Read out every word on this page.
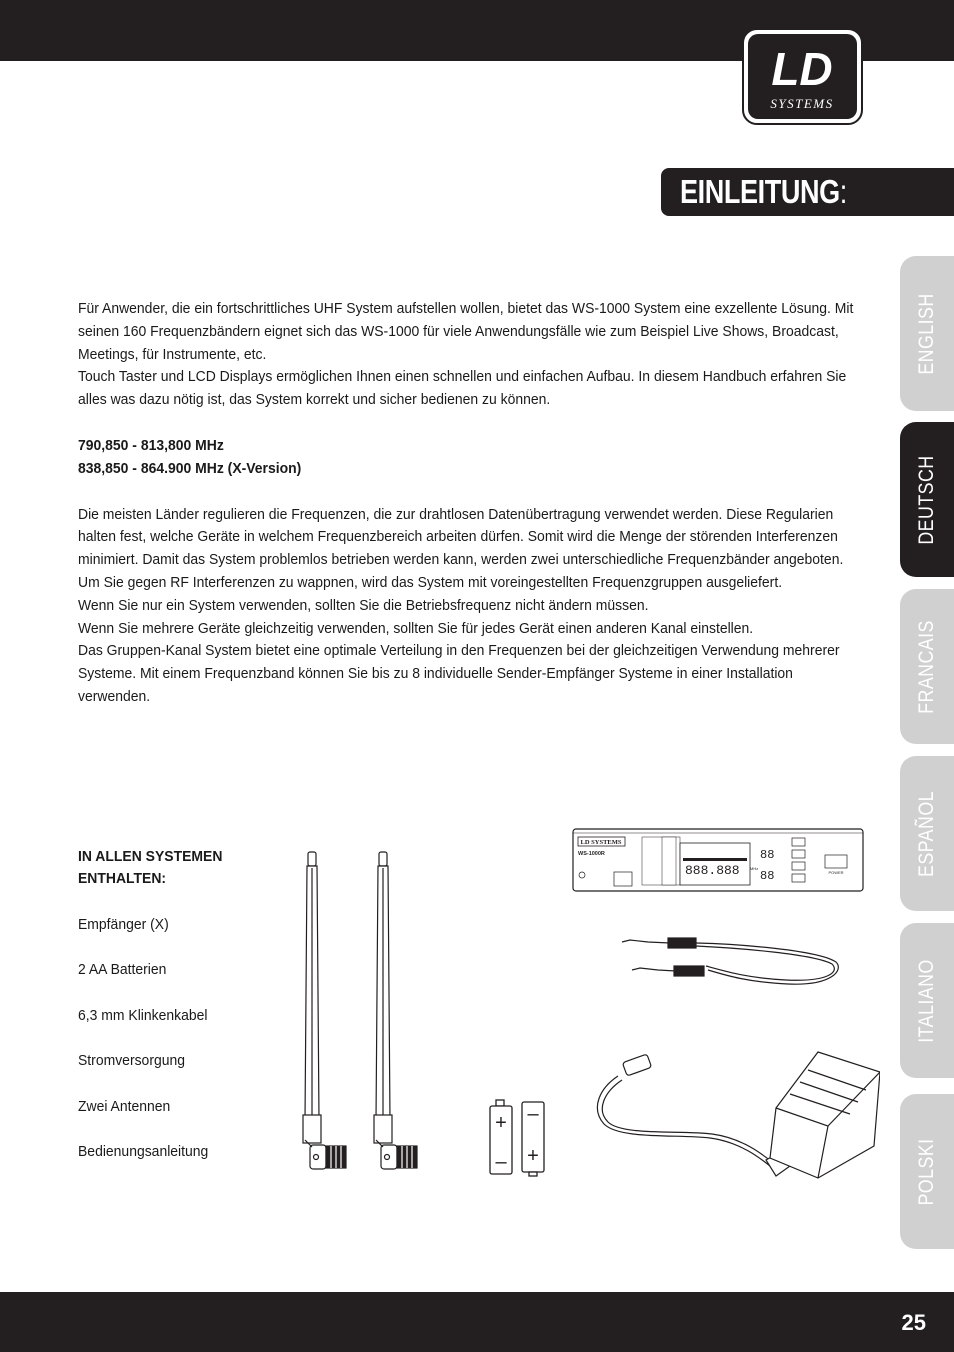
LD
SYSTEMS
EINLEITUNG:
ENGLISH
DEUTSCH
FRANCAIS
ESPAÑOL
ITALIANO
POLSKI

Für Anwender, die ein fortschrittliches UHF System aufstellen wollen, bietet das WS-1000 System eine exzellente Lösung. Mit seinen 160 Frequenzbändern eignet sich das WS-1000 für viele Anwendungsfälle wie zum Beispiel Live Shows, Broadcast, Meetings, für Instrumente, etc.

Touch Taster und LCD Displays ermöglichen Ihnen einen schnellen und einfachen Aufbau. In diesem Handbuch erfahren Sie alles was dazu nötig ist, das System korrekt und sicher bedienen zu können.

790,850 - 813,800 MHz

838,850 - 864.900 MHz (X-Version)

Die meisten Länder regulieren die Frequenzen, die zur drahtlosen Datenübertragung verwendet werden. Diese Regularien halten fest, welche Geräte in welchem Frequenzbereich arbeiten dürfen. Somit wird die Menge der störenden Interferenzen minimiert. Damit das System problemlos betrieben werden kann, werden zwei unterschiedliche Frequenzbänder angeboten. Um Sie gegen RF Interferenzen zu wappnen, wird das System mit voreingestellten Frequenzgruppen ausgeliefert.

Wenn Sie nur ein System verwenden, sollten Sie die Betriebsfrequenz nicht ändern müssen.

Wenn Sie mehrere Geräte gleichzeitig verwenden, sollten Sie für jedes Gerät einen anderen Kanal einstellen.

Das Gruppen-Kanal System bietet eine optimale Verteilung in den Frequenzen bei der gleichzeitigen Verwendung mehrerer Systeme. Mit einem Frequenzband können Sie bis zu 8 individuelle Sender-Empfänger Systeme in einer Installation verwenden.

IN ALLEN SYSTEMEN
ENTHALTEN:
Empfänger (X)
2 AA Batterien
6,3 mm Klinkenkabel
Stromversorgung
Zwei Antennen
Bedienungsanleitung
+
–
–
+
LD SYSTEMS
WS-1000R
888.888
88
88
MHz
POWER
25
